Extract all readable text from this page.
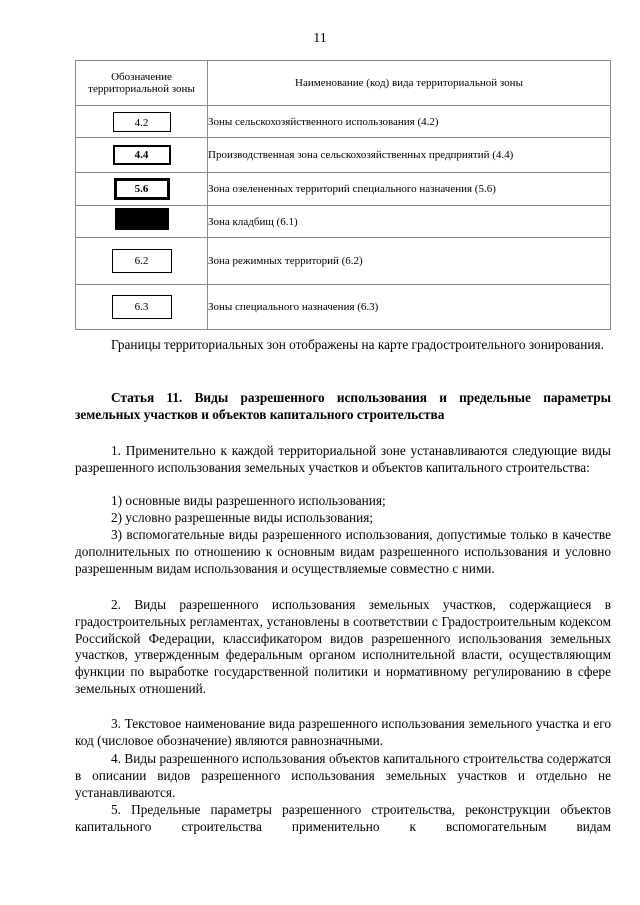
11
Обозначение территориальной зоны	Наименование (код) вида территориальной зоны
4.2	Зоны сельскохозяйственного использования (4.2)
4.4	Производственная зона сельскохозяйственных предприятий (4.4)
5.6	Зона озелененных территорий специального назначения (5.6)
	Зона кладбищ (6.1)
6.2	Зона режимных территорий (6.2)
6.3	Зоны специального назначения (6.3)
Границы территориальных зон отображены на карте градостроительного зонирования.
Статья 11. Виды разрешенного использования и предельные параметры земельных участков и объектов капитального строительства
1. Применительно к каждой территориальной зоне устанавливаются следующие виды разрешенного использования земельных участков и объектов капитального строительства:
1) основные виды разрешенного использования;
2) условно разрешенные виды использования;
3) вспомогательные виды разрешенного использования, допустимые только в качестве дополнительных по отношению к основным видам разрешенного использования и условно разрешенным видам использования и осуществляемые совместно с ними.
2. Виды разрешенного использования земельных участков, содержащиеся в градостроительных регламентах, установлены в соответствии с Градостроительным кодексом Российской Федерации, классификатором видов разрешенного использования земельных участков, утвержденным федеральным органом исполнительной власти, осуществляющим функции по выработке государственной политики и нормативному регулированию в сфере земельных отношений.
3. Текстовое наименование вида разрешенного использования земельного участка и его код (числовое обозначение) являются равнозначными.
4. Виды разрешенного использования объектов капитального строительства содержатся в описании видов разрешенного использования земельных участков и отдельно не устанавливаются.
5. Предельные параметры разрешенного строительства, реконструкции объектов капитального строительства применительно к вспомогательным видам
